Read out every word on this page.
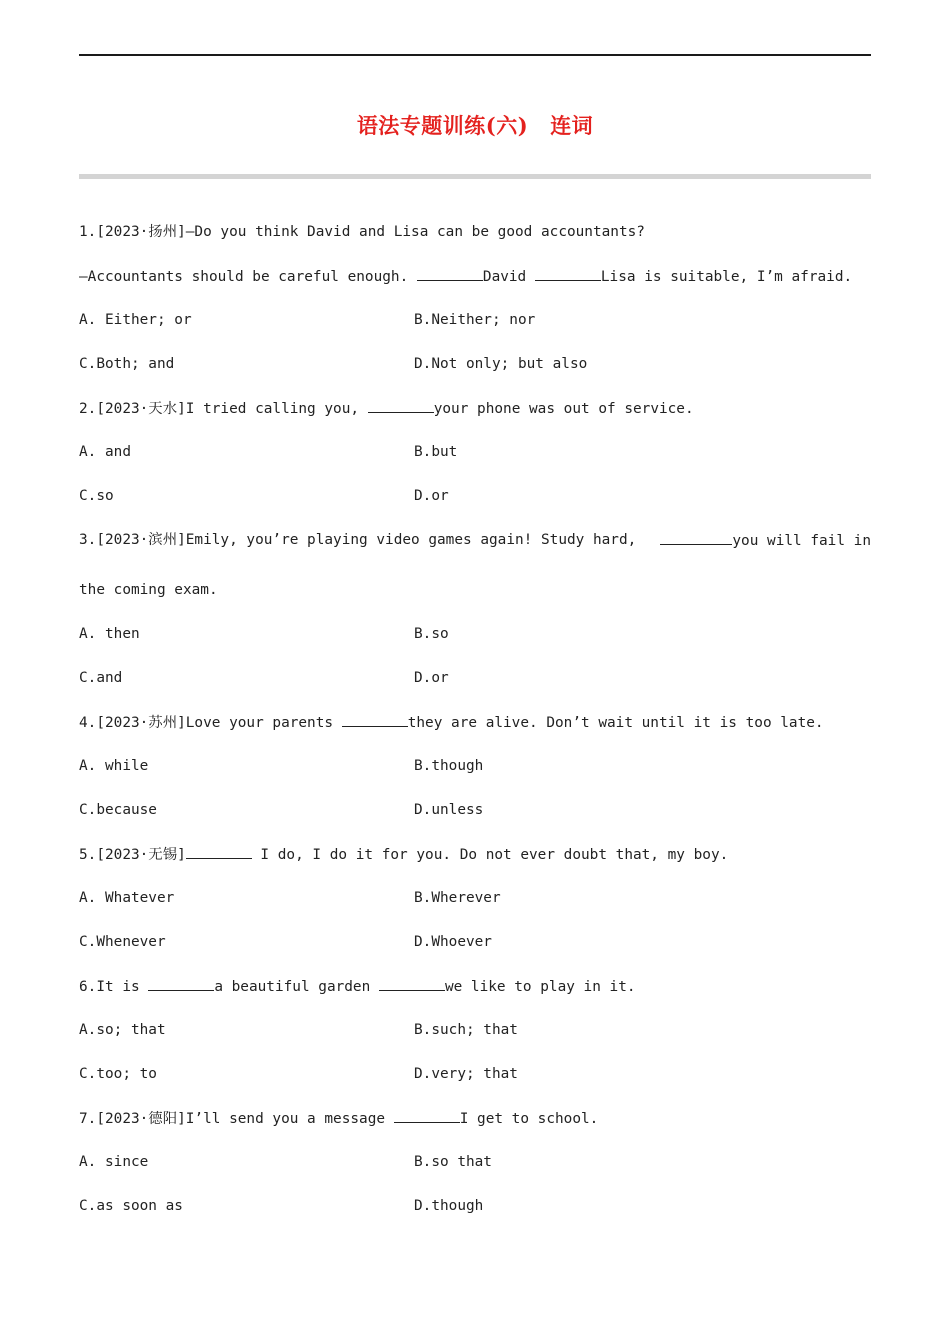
语法专题训练(六) 连词
1.[2023·扬州]—Do you think David and Lisa can be good accountants?
—Accountants should be careful enough.	David	Lisa is suitable, I’m afraid.
A. Either; or	B.Neither; nor
C.Both; and	D.Not only; but also
2.[2023·天水]I tried calling you,	your phone was out of service.
A. and	B.but
C.so	D.or
3.[2023·滨州]Emily, you’re playing video games again! Study hard,	you will fail in
the coming exam.
A. then	B.so
C.and	D.or
4.[2023·苏州]Love your parents	they are alive. Don’t wait until it is too late.
A. while	B.though
C.because	D.unless
5.[2023·无锡]	I do, I do it for you. Do not ever doubt that, my boy.
A. Whatever	B.Wherever
C.Whenever	D.Whoever
6.It is	a beautiful garden	we like to play in it.
A.so; that	B.such; that
C.too; to	D.very; that
7.[2023·德阳]I’ll send you a message	I get to school.
A. since	B.so that
C.as soon as	D.though
